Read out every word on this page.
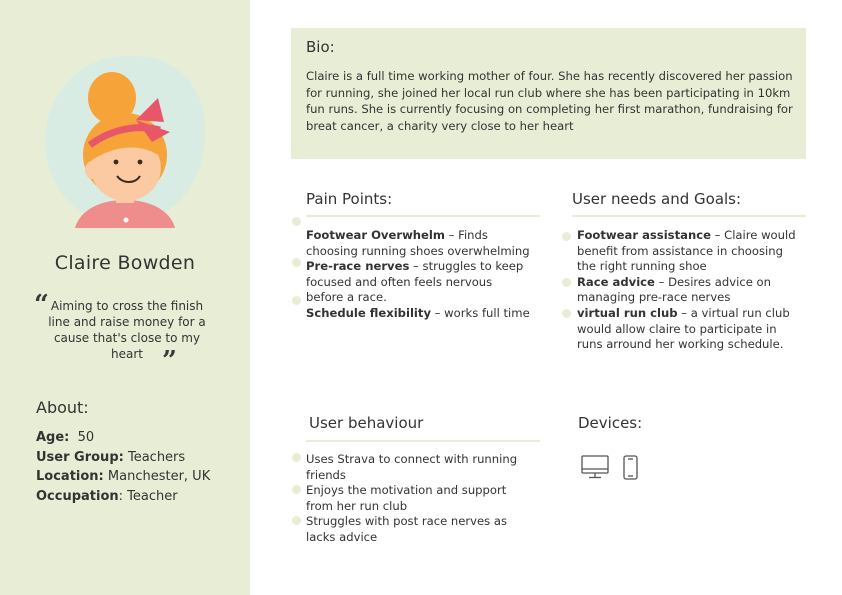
Claire Bowden
“ Aiming to cross the finish line and raise money for a cause that's close to my heart ”
About:
Age: 50
User Group: Teachers
Location: Manchester, UK
Occupation: Teacher
Bio:
Claire is a full time working mother of four. She has recently discovered her passion for running, she joined her local run club where she has been participating in 10km fun runs. She is currently focusing on completing her first marathon, fundraising for breat cancer, a charity very close to her heart
Pain Points:
Footwear Overwhelm – Finds choosing running shoes overwhelming
Pre-race nerves – struggles to keep focused and often feels nervous before a race.
Schedule flexibility – works full time
User needs and Goals:
Footwear assistance – Claire would benefit from assistance in choosing the right running shoe
Race advice – Desires advice on managing pre-race nerves
virtual run club – a virtual run club would allow claire to participate in runs arround her working schedule.
User behaviour
Uses Strava to connect with running friends
Enjoys the motivation and support from her run club
Struggles with post race nerves as lacks advice
Devices:
